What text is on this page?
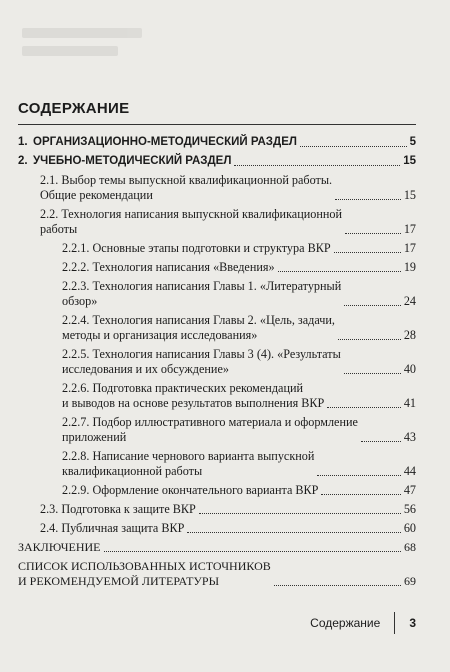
СОДЕРЖАНИЕ
1. ОРГАНИЗАЦИОННО-МЕТОДИЧЕСКИЙ РАЗДЕЛ	5
2. УЧЕБНО-МЕТОДИЧЕСКИЙ РАЗДЕЛ	15
2.1. Выбор темы выпускной квалификационной работы.
Общие рекомендации	15
2.2. Технология написания выпускной квалификационной
работы	17
2.2.1. Основные этапы подготовки и структура ВКР	17
2.2.2. Технология написания «Введения»	19
2.2.3. Технология написания Главы 1. «Литературный
обзор»	24
2.2.4. Технология написания Главы 2. «Цель, задачи,
методы и организация исследования»	28
2.2.5. Технология написания Главы 3 (4). «Результаты
исследования и их обсуждение»	40
2.2.6. Подготовка практических рекомендаций
и выводов на основе результатов выполнения ВКР	41
2.2.7. Подбор иллюстративного материала и оформление
приложений	43
2.2.8. Написание чернового варианта выпускной
квалификационной работы	44
2.2.9. Оформление окончательного варианта ВКР	47
2.3. Подготовка к защите ВКР	56
2.4. Публичная защита ВКР	60
ЗАКЛЮЧЕНИЕ	68
СПИСОК ИСПОЛЬЗОВАННЫХ ИСТОЧНИКОВ
И РЕКОМЕНДУЕМОЙ ЛИТЕРАТУРЫ	69
Содержание 3
